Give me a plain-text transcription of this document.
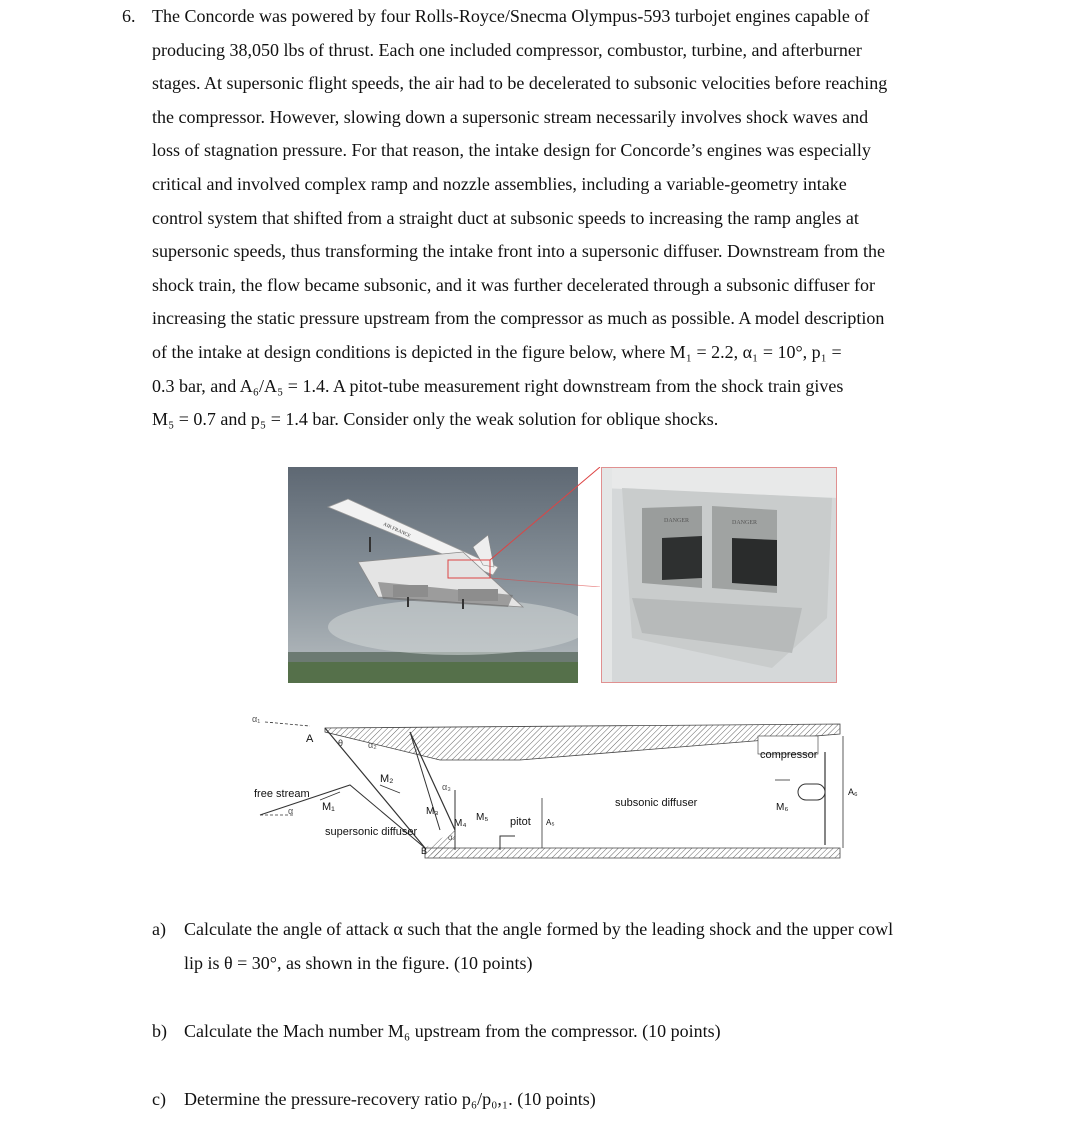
6. The Concorde was powered by four Rolls-Royce/Snecma Olympus-593 turbojet engines capable of

producing 38,050 lbs of thrust. Each one included compressor, combustor, turbine, and afterburner

stages. At supersonic flight speeds, the air had to be decelerated to subsonic velocities before reaching

the compressor. However, slowing down a supersonic stream necessarily involves shock waves and

loss of stagnation pressure. For that reason, the intake design for Concorde’s engines was especially

critical and involved complex ramp and nozzle assemblies, including a variable-geometry intake

control system that shifted from a straight duct at subsonic speeds to increasing the ramp angles at

supersonic speeds, thus transforming the intake front into a supersonic diffuser. Downstream from the

shock train, the flow became subsonic, and it was further decelerated through a subsonic diffuser for

increasing the static pressure upstream from the compressor as much as possible. A model description

of the intake at design conditions is depicted in the figure below, where M₁ = 2.2, α₁ = 10°, p₁ =

0.3 bar, and A₆/A₅ = 1.4. A pitot-tube measurement right downstream from the shock train gives

M₅ = 0.7 and p₅ = 1.4 bar. Consider only the weak solution for oblique shocks.

AIR FRANCE
DANGER	DANGER
α₁
A	θ	α₂
M₂
α₃
free stream
α	M₁	M₃
M₄
M₅
α₄
supersonic diffuser
B
pitot A₅
subsonic diffuser
compressor
M₆
A₆
a) Calculate the angle of attack α such that the angle formed by the leading shock and the upper cowl
lip is θ = 30°, as shown in the figure. (10 points)
b) Calculate the Mach number M₆ upstream from the compressor. (10 points)
c) Determine the pressure-recovery ratio p₆/p₀,₁. (10 points)
